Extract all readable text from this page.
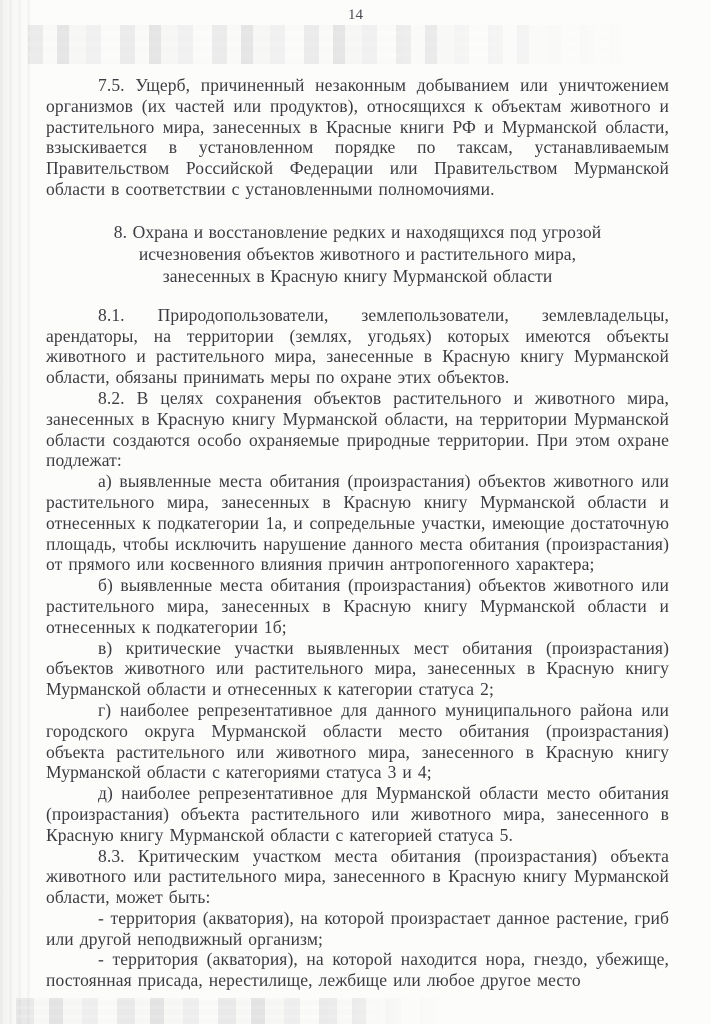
14

7.5. Ущерб, причиненный незаконным добыванием или уничтожением организмов (их частей или продуктов), относящихся к объектам животного и растительного мира, занесенных в Красные книги РФ и Мурманской области, взыскивается в установленном порядке по таксам, устанавливаемым Правительством Российской Федерации или Правительством Мурманской области в соответствии с установленными полномочиями.

8. Охрана и восстановление редких и находящихся под угрозой исчезновения объектов животного и растительного мира, занесенных в Красную книгу Мурманской области

8.1. Природопользователи, землепользователи, землевладельцы, арендаторы, на территории (землях, угодьях) которых имеются объекты животного и растительного мира, занесенные в Красную книгу Мурманской области, обязаны принимать меры по охране этих объектов.

8.2. В целях сохранения объектов растительного и животного мира, занесенных в Красную книгу Мурманской области, на территории Мурманской области создаются особо охраняемые природные территории. При этом охране подлежат:

а) выявленные места обитания (произрастания) объектов животного или растительного мира, занесенных в Красную книгу Мурманской области и отнесенных к подкатегории 1а, и сопредельные участки, имеющие достаточную площадь, чтобы исключить нарушение данного места обитания (произрастания) от прямого или косвенного влияния причин антропогенного характера;

б) выявленные места обитания (произрастания) объектов животного или растительного мира, занесенных в Красную книгу Мурманской области и отнесенных к подкатегории 1б;

в) критические участки выявленных мест обитания (произрастания) объектов животного или растительного мира, занесенных в Красную книгу Мурманской области и отнесенных к категории статуса 2;

г) наиболее репрезентативное для данного муниципального района или городского округа Мурманской области место обитания (произрастания) объекта растительного или животного мира, занесенного в Красную книгу Мурманской области с категориями статуса 3 и 4;

д) наиболее репрезентативное для Мурманской области место обитания (произрастания) объекта растительного или животного мира, занесенного в Красную книгу Мурманской области с категорией статуса 5.

8.3. Критическим участком места обитания (произрастания) объекта животного или растительного мира, занесенного в Красную книгу Мурманской области, может быть:

- территория (акватория), на которой произрастает данное растение, гриб или другой неподвижный организм;

- территория (акватория), на которой находится нора, гнездо, убежище, постоянная присада, нерестилище, лежбище или любое другое место
